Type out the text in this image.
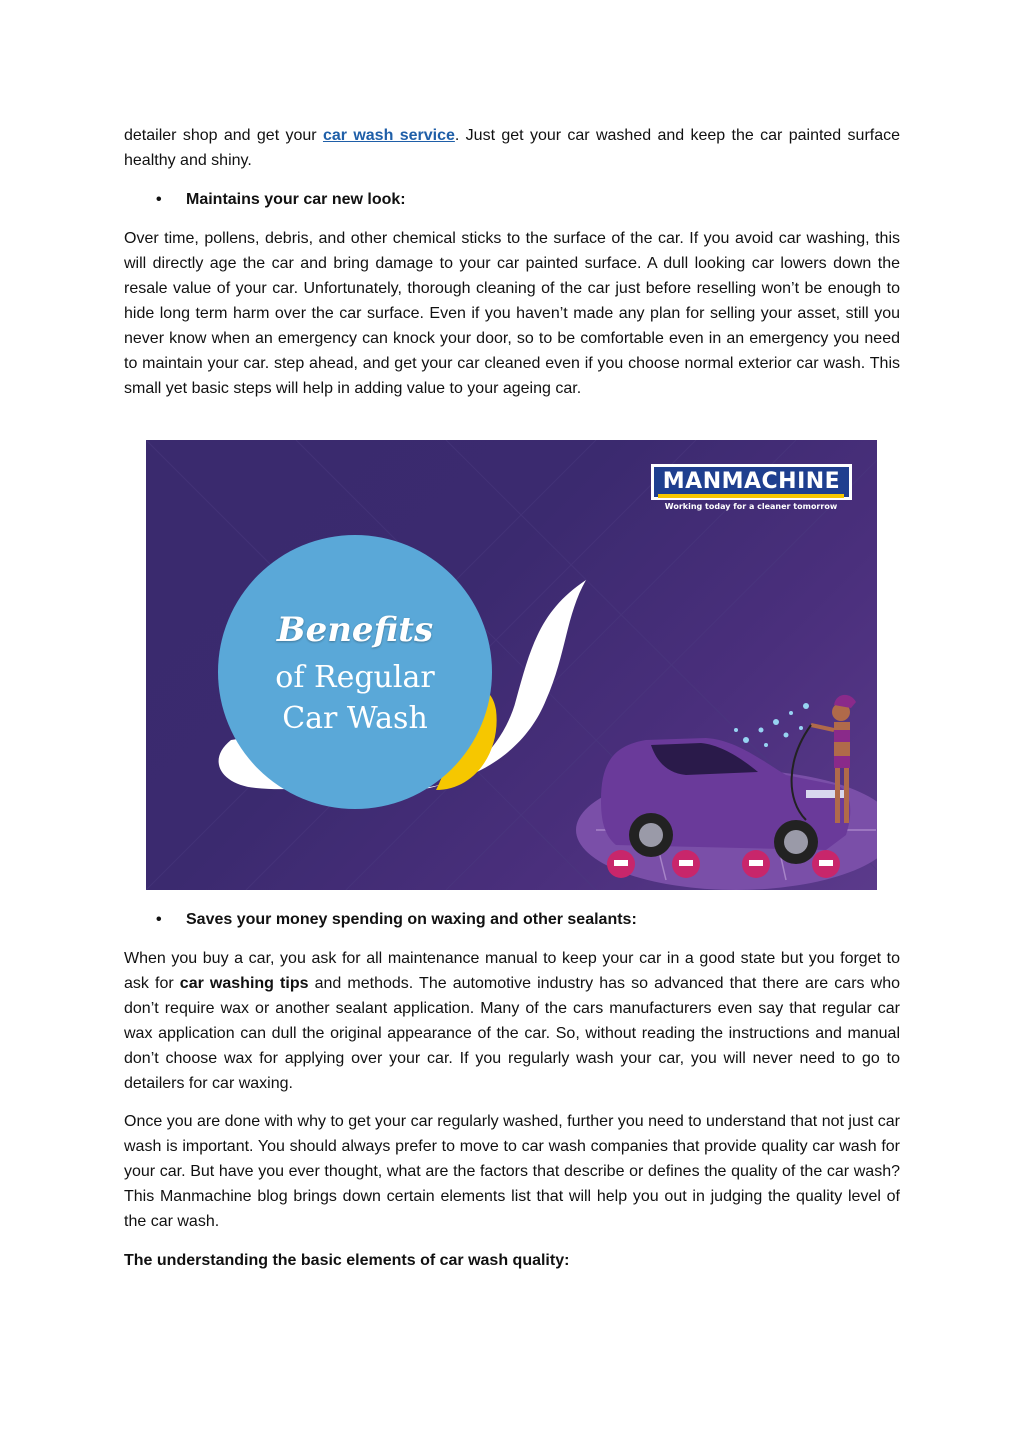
detailer shop and get your car wash service. Just get your car washed and keep the car painted surface healthy and shiny.
• Maintains your car new look:
Over time, pollens, debris, and other chemical sticks to the surface of the car. If you avoid car washing, this will directly age the car and bring damage to your car painted surface. A dull looking car lowers down the resale value of your car. Unfortunately, thorough cleaning of the car just before reselling won’t be enough to hide long term harm over the car surface. Even if you haven’t made any plan for selling your asset, still you never know when an emergency can knock your door, so to be comfortable even in an emergency you need to maintain your car. step ahead, and get your car cleaned even if you choose normal exterior car wash. This small yet basic steps will help in adding value to your ageing car.
MANMACHINE
Working today for a cleaner tomorrow
Benefits
of Regular
Car Wash
• Saves your money spending on waxing and other sealants:
When you buy a car, you ask for all maintenance manual to keep your car in a good state but you forget to ask for car washing tips and methods. The automotive industry has so advanced that there are cars who don’t require wax or another sealant application. Many of the cars manufacturers even say that regular car wax application can dull the original appearance of the car. So, without reading the instructions and manual don’t choose wax for applying over your car. If you regularly wash your car, you will never need to go to detailers for car waxing.
Once you are done with why to get your car regularly washed, further you need to understand that not just car wash is important. You should always prefer to move to car wash companies that provide quality car wash for your car. But have you ever thought, what are the factors that describe or defines the quality of the car wash? This Manmachine blog brings down certain elements list that will help you out in judging the quality level of the car wash.
The understanding the basic elements of car wash quality:
